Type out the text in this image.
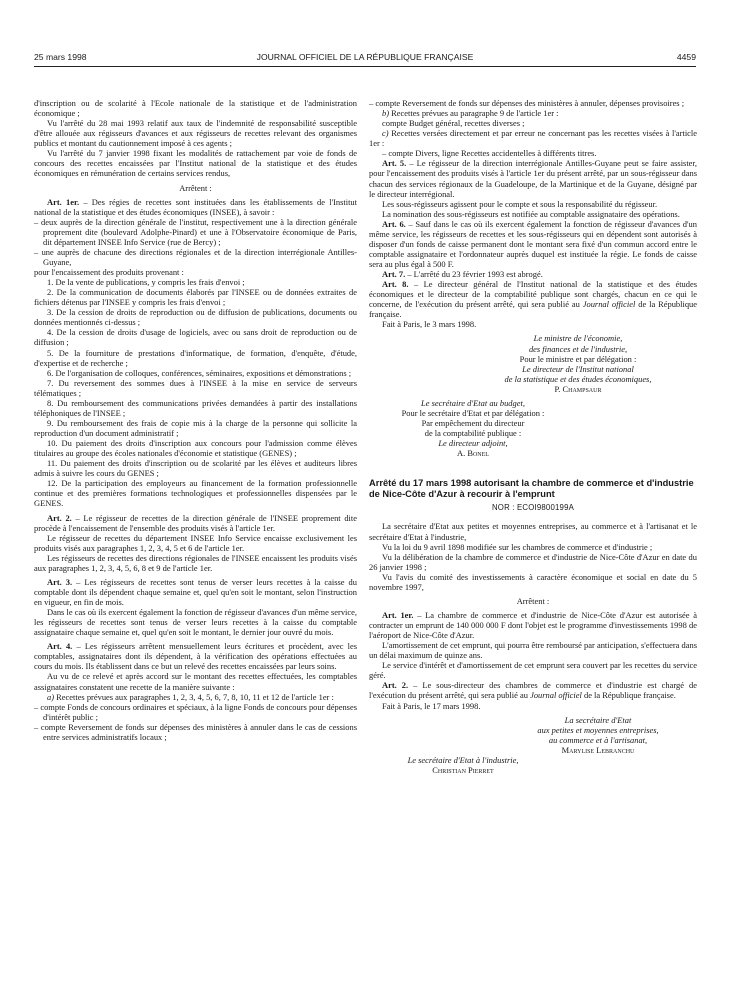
25 mars 1998	JOURNAL OFFICIEL DE LA RÉPUBLIQUE FRANÇAISE	4459

d'inscription ou de scolarité à l'Ecole nationale de la statistique et de l'administration économique ;

Vu l'arrêté du 28 mai 1993 relatif aux taux de l'indemnité de responsabilité susceptible d'être allouée aux régisseurs d'avances et aux régisseurs de recettes relevant des organismes publics et montant du cautionnement imposé à ces agents ;

Vu l'arrêté du 7 janvier 1998 fixant les modalités de rattachement par voie de fonds de concours des recettes encaissées par l'Institut national de la statistique et des études économiques en rémunération de certains services rendus,

Arrêtent :

Art. 1er. – Des régies de recettes sont instituées dans les établissements de l'Institut national de la statistique et des études économiques (INSEE), à savoir :

– deux auprès de la direction générale de l'institut, respectivement une à la direction générale proprement dite (boulevard Adolphe-Pinard) et une à l'Observatoire économique de Paris, dit département INSEE Info Service (rue de Bercy) ;

– une auprès de chacune des directions régionales et de la direction interrégionale Antilles-Guyane,

pour l'encaissement des produits provenant :

1. De la vente de publications, y compris les frais d'envoi ;

2. De la communication de documents élaborés par l'INSEE ou de données extraites de fichiers détenus par l'INSEE y compris les frais d'envoi ;

3. De la cession de droits de reproduction ou de diffusion de publications, documents ou données mentionnés ci-dessus ;

4. De la cession de droits d'usage de logiciels, avec ou sans droit de reproduction ou de diffusion ;

5. De la fourniture de prestations d'informatique, de formation, d'enquête, d'étude, d'expertise et de recherche ;

6. De l'organisation de colloques, conférences, séminaires, expositions et démonstrations ;

7. Du reversement des sommes dues à l'INSEE à la mise en service de serveurs télématiques ;

8. Du remboursement des communications privées demandées à partir des installations téléphoniques de l'INSEE ;

9. Du remboursement des frais de copie mis à la charge de la personne qui sollicite la reproduction d'un document administratif ;

10. Du paiement des droits d'inscription aux concours pour l'admission comme élèves titulaires au groupe des écoles nationales d'économie et statistique (GENES) ;

11. Du paiement des droits d'inscription ou de scolarité par les élèves et auditeurs libres admis à suivre les cours du GENES ;

12. De la participation des employeurs au financement de la formation professionnelle continue et des premières formations technologiques et professionnelles dispensées par le GENES.

Art. 2. – Le régisseur de recettes de la direction générale de l'INSEE proprement dite procède à l'encaissement de l'ensemble des produits visés à l'article 1er.

Le régisseur de recettes du département INSEE Info Service encaisse exclusivement les produits visés aux paragraphes 1, 2, 3, 4, 5 et 6 de l'article 1er.

Les régisseurs de recettes des directions régionales de l'INSEE encaissent les produits visés aux paragraphes 1, 2, 3, 4, 5, 6, 8 et 9 de l'article 1er.

Art. 3. – Les régisseurs de recettes sont tenus de verser leurs recettes à la caisse du comptable dont ils dépendent chaque semaine et, quel qu'en soit le montant, selon l'instruction en vigueur, en fin de mois.

Dans le cas où ils exercent également la fonction de régisseur d'avances d'un même service, les régisseurs de recettes sont tenus de verser leurs recettes à la caisse du comptable assignataire chaque semaine et, quel qu'en soit le montant, le dernier jour ouvré du mois.

Art. 4. – Les régisseurs arrêtent mensuellement leurs écritures et procèdent, avec les comptables, assignataires dont ils dépendent, à la vérification des opérations effectuées au cours du mois. Ils établissent dans ce but un relevé des recettes encaissées par leurs soins.

Au vu de ce relevé et après accord sur le montant des recettes effectuées, les comptables assignataires constatent une recette de la manière suivante :

a) Recettes prévues aux paragraphes 1, 2, 3, 4, 5, 6, 7, 8, 10, 11 et 12 de l'article 1er :

– compte Fonds de concours ordinaires et spéciaux, à la ligne Fonds de concours pour dépenses d'intérêt public ;

– compte Reversement de fonds sur dépenses des ministères à annuler dans le cas de cessions entre services administratifs locaux ;

– compte Reversement de fonds sur dépenses des ministères à annuler, dépenses provisoires ;

b) Recettes prévues au paragraphe 9 de l'article 1er :

compte Budget général, recettes diverses ;

c) Recettes versées directement et par erreur ne concernant pas les recettes visées à l'article 1er :

– compte Divers, ligne Recettes accidentelles à différents titres.

Art. 5. – Le régisseur de la direction interrégionale Antilles-Guyane peut se faire assister, pour l'encaissement des produits visés à l'article 1er du présent arrêté, par un sous-régisseur dans chacun des services régionaux de la Guadeloupe, de la Martinique et de la Guyane, désigné par le directeur interrégional.

Les sous-régisseurs agissent pour le compte et sous la responsabilité du régisseur.

La nomination des sous-régisseurs est notifiée au comptable assignataire des opérations.

Art. 6. – Sauf dans le cas où ils exercent également la fonction de régisseur d'avances d'un même service, les régisseurs de recettes et les sous-régisseurs qui en dépendent sont autorisés à disposer d'un fonds de caisse permanent dont le montant sera fixé d'un commun accord entre le comptable assignataire et l'ordonnateur auprès duquel est instituée la régie. Le fonds de caisse sera au plus égal à 500 F.

Art. 7. – L'arrêté du 23 février 1993 est abrogé.

Art. 8. – Le directeur général de l'Institut national de la statistique et des études économiques et le directeur de la comptabilité publique sont chargés, chacun en ce qui le concerne, de l'exécution du présent arrêté, qui sera publié au Journal officiel de la République française.

Fait à Paris, le 3 mars 1998.

Le ministre de l'économie,

des finances et de l'industrie,

Pour le ministre et par délégation :

Le directeur de l'Institut national

de la statistique et des études économiques,

P. Champsaur

Le secrétaire d'Etat au budget,

Pour le secrétaire d'Etat et par délégation :

Par empêchement du directeur

de la comptabilité publique :

Le directeur adjoint,

A. Bonel

Arrêté du 17 mars 1998 autorisant la chambre de commerce et d'industrie de Nice-Côte d'Azur à recourir à l'emprunt

NOR : ECOI9800199A

La secrétaire d'Etat aux petites et moyennes entreprises, au commerce et à l'artisanat et le secrétaire d'Etat à l'industrie,

Vu la loi du 9 avril 1898 modifiée sur les chambres de commerce et d'industrie ;

Vu la délibération de la chambre de commerce et d'industrie de Nice-Côte d'Azur en date du 26 janvier 1998 ;

Vu l'avis du comité des investissements à caractère économique et social en date du 5 novembre 1997,

Arrêtent :

Art. 1er. – La chambre de commerce et d'industrie de Nice-Côte d'Azur est autorisée à contracter un emprunt de 140 000 000 F dont l'objet est le programme d'investissements 1998 de l'aéroport de Nice-Côte d'Azur.

L'amortissement de cet emprunt, qui pourra être remboursé par anticipation, s'effectuera dans un délai maximum de quinze ans.

Le service d'intérêt et d'amortissement de cet emprunt sera couvert par les recettes du service géré.

Art. 2. – Le sous-directeur des chambres de commerce et d'industrie est chargé de l'exécution du présent arrêté, qui sera publié au Journal officiel de la République française.

Fait à Paris, le 17 mars 1998.

La secrétaire d'Etat

aux petites et moyennes entreprises,

au commerce et à l'artisanat,

Marylise Lebranchu

Le secrétaire d'Etat à l'industrie,

Christian Pierret
